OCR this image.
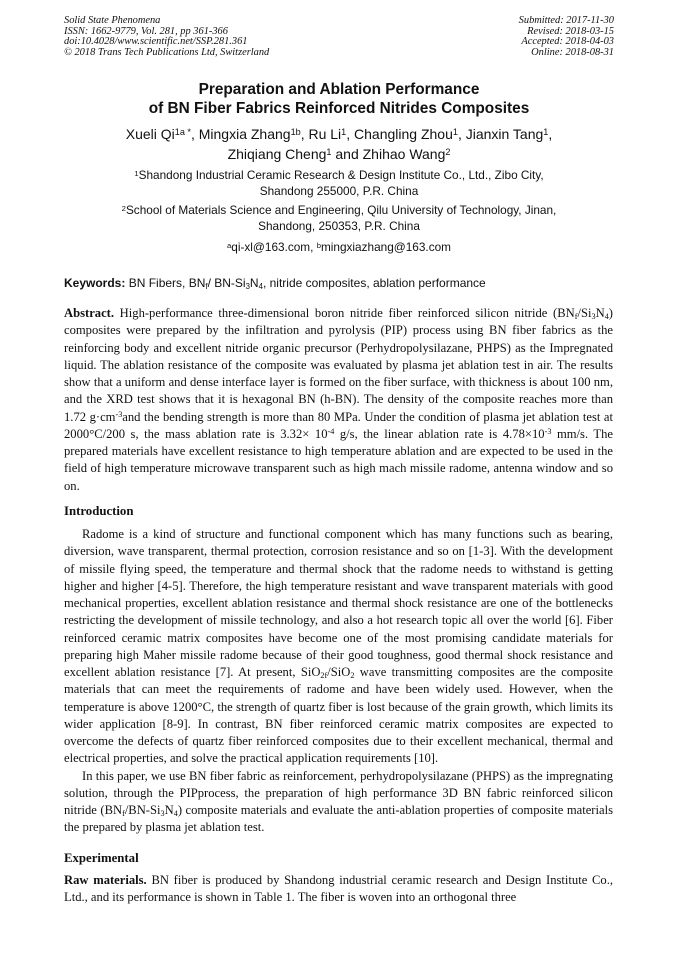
Solid State Phenomena
ISSN: 1662-9779, Vol. 281, pp 361-366
doi:10.4028/www.scientific.net/SSP.281.361
© 2018 Trans Tech Publications Ltd, Switzerland
Submitted: 2017-11-30
Revised: 2018-03-15
Accepted: 2018-04-03
Online: 2018-08-31
Preparation and Ablation Performance
of BN Fiber Fabrics Reinforced Nitrides Composites
Xueli $Qi^{1a *}$, Mingxia Zhang$^{1b}$, Ru Li$^1$, Changling Zhou$^1$, Jianxin Tang$^1$,
Zhiqiang Cheng$^1$ and Zhihao Wang$^2$
$^1$Shandong Industrial Ceramic Research & Design Institute Co., Ltd., Zibo City,
Shandong 255000, P.R. China
$^2$School of Materials Science and Engineering, Qilu University of Technology, Jinan,
Shandong, 250353, P.R. China
$^a$qi-xl@163.com, $^b$mingxiazhang@163.com
Keywords: BN Fibers, $BN_f/$ $BN-Si_3N_4$, nitride composites, ablation performance
Abstract. High-performance three-dimensional boron nitride fiber reinforced silicon nitride $(BN_f/Si_3N_4)$ composites were prepared by the infiltration and pyrolysis (PIP) process using BN fiber fabrics as the reinforcing body and excellent nitride organic precursor (Perhydropolysilazane, PHPS) as the Impregnated liquid. The ablation resistance of the composite was evaluated by plasma jet ablation test in air. The results show that a uniform and dense interface layer is formed on the fiber surface, with thickness is about 100 nm, and the XRD test shows that it is hexagonal BN (h-BN). The density of the composite reaches more than 1.72 $g\cdot cm^{-3}and$ the bending strength is more than 80 MPa. Under the condition of plasma jet ablation test at 2000°C/200 s, the mass ablation rate is $3.32\times 10^{-4}$ g/s, the linear ablation rate is $4.78\times 10^{-3}$ mm/s. The prepared materials have excellent resistance to high temperature ablation and are expected to be used in the field of high temperature microwave transparent such as high mach missile radome, antenna window and so on.
Introduction

Radome is a kind of structure and functional component which has many functions such as bearing, diversion, wave transparent, thermal protection, corrosion resistance and so on [1-3]. With the development of missile flying speed, the temperature and thermal shock that the radome needs to withstand is getting higher and higher [4-5]. Therefore, the high temperature resistant and wave transparent materials with good mechanical properties, excellent ablation resistance and thermal shock resistance are one of the bottlenecks restricting the development of missile technology, and also a hot research topic all over the world [6]. Fiber reinforced ceramic matrix composites have become one of the most promising candidate materials for preparing high Maher missile radome because of their good toughness, good thermal shock resistance and excellent ablation resistance [7]. At present, SiO$_{2f}$/SiO$_2$ wave transmitting composites are the composite materials that can meet the requirements of radome and have been widely used. However, when the temperature is above 1200°C, the strength of quartz fiber is lost because of the grain growth, which limits its wider application [8-9]. In contrast, BN fiber reinforced ceramic matrix composites are expected to overcome the defects of quartz fiber reinforced composites due to their excellent mechanical, thermal and electrical properties, and solve the practical application requirements [10].

In this paper, we use BN fiber fabric as reinforcement, perhydropolysilazane (PHPS) as the impregnating solution, through the PIPprocess, the preparation of high performance 3D BN fabric reinforced silicon nitride $(BN_f/BN-Si_3N_4)$ composite materials and evaluate the anti-ablation properties of composite materials the prepared by plasma jet ablation test.

Experimental

Raw materials. BN fiber is produced by Shandong industrial ceramic research and Design Institute Co., Ltd., and its performance is shown in Table 1. The fiber is woven into an orthogonal three
